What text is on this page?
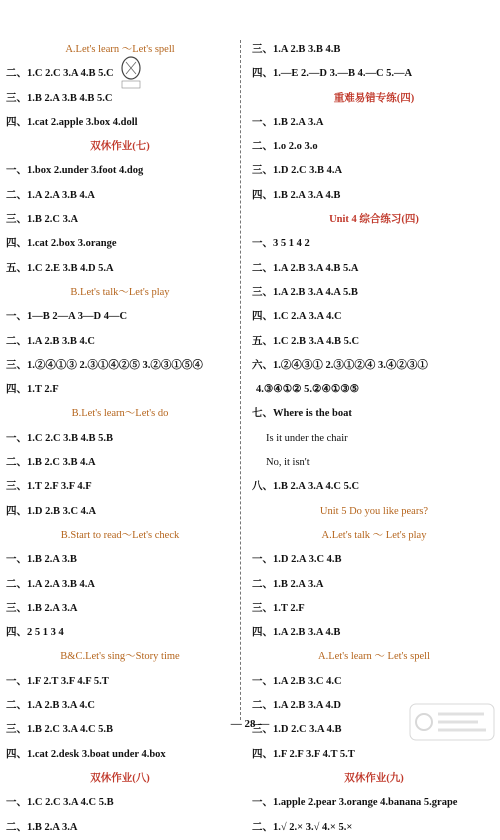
A.Let's learn ～Let's spell
二、1.C 2.C 3.A 4.B 5.C
三、1.B 2.A 3.B 4.B 5.C
四、1.cat 2.apple 3.box 4.doll
双休作业(七)
一、1.box 2.under 3.foot 4.dog
二、1.A 2.A 3.B 4.A
三、1.B 2.C 3.A
四、1.cat 2.box 3.orange
五、1.C 2.E 3.B 4.D 5.A
B.Let's talk～Let's play
一、1—B 2—A 3—D 4—C
二、1.A 2.B 3.B 4.C
三、1.②④①③ 2.③①④②⑤ 3.②③①⑤④
四、1.T 2.F
B.Let's learn～Let's do
一、1.C 2.C 3.B 4.B 5.B
二、1.B 2.C 3.B 4.A
三、1.T 2.F 3.F 4.F
四、1.D 2.B 3.C 4.A
B.Start to read～Let's check
一、1.B 2.A 3.B
二、1.A 2.A 3.B 4.A
三、1.B 2.A 3.A
四、2 5 1 3 4
B&C.Let's sing～Story time
一、1.F 2.T 3.F 4.F 5.T
二、1.A 2.B 3.A 4.C
三、1.B 2.C 3.A 4.C 5.B
四、1.cat 2.desk 3.boat under 4.box
双休作业(八)
一、1.C 2.C 3.A 4.C 5.B
二、1.B 2.A 3.A
三、1.A 2.B 3.B 4.B
四、1.—E 2.—D 3.—B 4.—C 5.—A
重难易错专练(四)
一、1.B 2.A 3.A
二、1.o 2.o 3.o
三、1.D 2.C 3.B 4.A
四、1.B 2.A 3.A 4.B
Unit 4 综合练习(四)
一、3 5 1 4 2
二、1.A 2.B 3.A 4.B 5.A
三、1.A 2.B 3.A 4.A 5.B
四、1.C 2.A 3.A 4.C
五、1.C 2.B 3.A 4.B 5.C
六、1.②④③① 2.③①②④ 3.④②③①
4.③④①② 5.②④①③⑤
七、Where is the boat
Is it under the chair
No, it isn't
八、1.B 2.A 3.A 4.C 5.C
Unit 5 Do you like pears?
A.Let's talk ～ Let's play
一、1.D 2.A 3.C 4.B
二、1.B 2.A 3.A
三、1.T 2.F
四、1.A 2.B 3.A 4.B
A.Let's learn ～ Let's spell
一、1.A 2.B 3.C 4.C
二、1.A 2.B 3.A 4.D
三、1.D 2.C 3.A 4.B
四、1.F 2.F 3.F 4.T 5.T
双休作业(九)
一、1.apple 2.pear 3.orange 4.banana 5.grape
二、1.√ 2.× 3.√ 4.× 5.×
— 28 —
